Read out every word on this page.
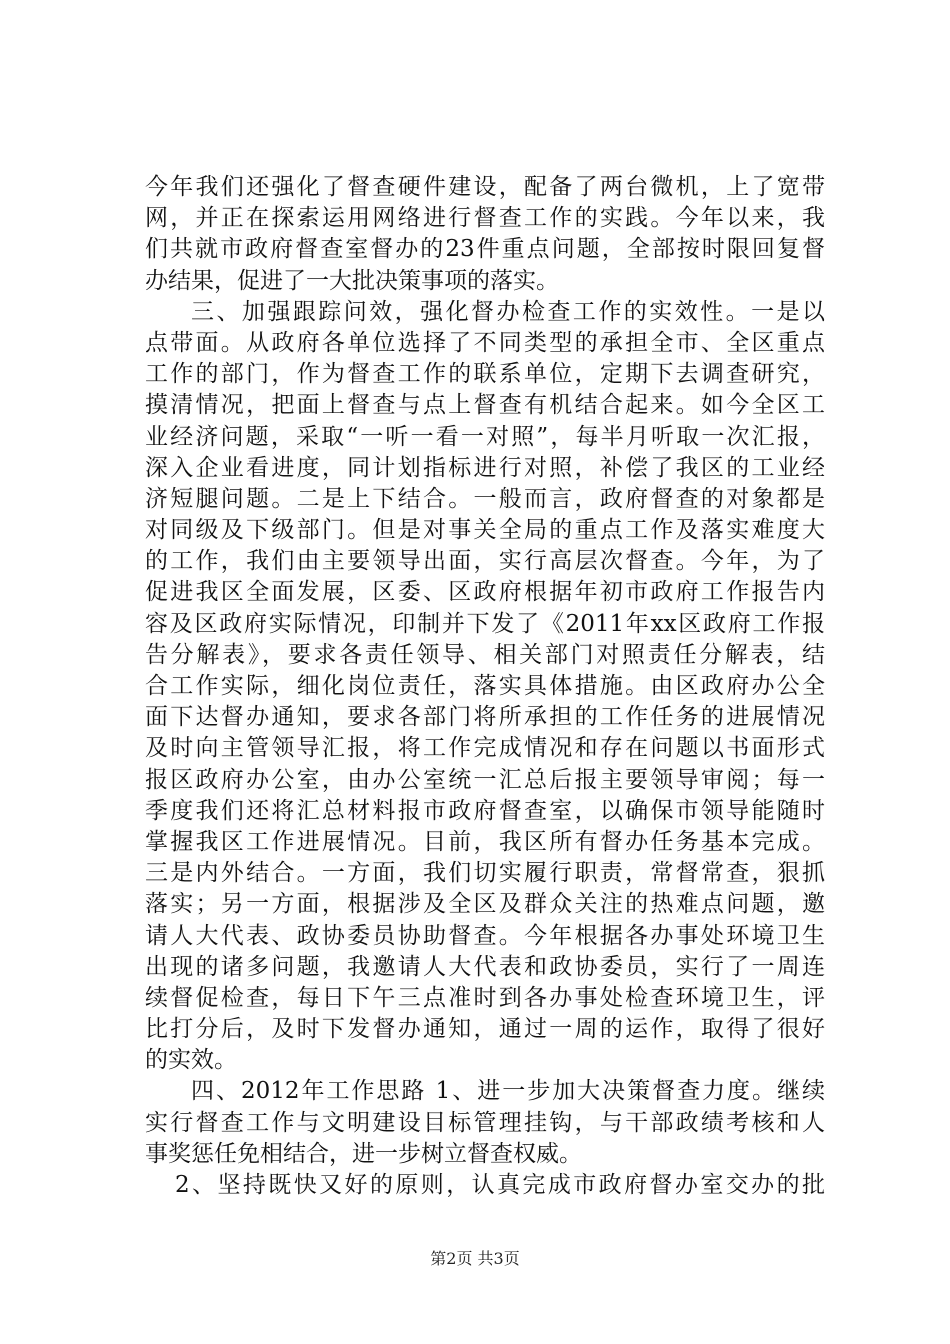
今年我们还强化了督查硬件建设，配备了两台微机，上了宽带
网，并正在探索运用网络进行督查工作的实践。今年以来，我
们共就市政府督查室督办的23件重点问题，全部按时限回复督
办结果，促进了一大批决策事项的落实。
三、加强跟踪问效，强化督办检查工作的实效性。一是以
点带面。从政府各单位选择了不同类型的承担全市、全区重点
工作的部门，作为督查工作的联系单位，定期下去调查研究，
摸清情况，把面上督查与点上督查有机结合起来。如今全区工
业经济问题，采取“一听一看一对照”，每半月听取一次汇报，
深入企业看进度，同计划指标进行对照，补偿了我区的工业经
济短腿问题。二是上下结合。一般而言，政府督查的对象都是
对同级及下级部门。但是对事关全局的重点工作及落实难度大
的工作，我们由主要领导出面，实行高层次督查。今年，为了
促进我区全面发展，区委、区政府根据年初市政府工作报告内
容及区政府实际情况，印制并下发了《2011年xx区政府工作报
告分解表》，要求各责任领导、相关部门对照责任分解表，结
合工作实际，细化岗位责任，落实具体措施。由区政府办公全
面下达督办通知，要求各部门将所承担的工作任务的进展情况
及时向主管领导汇报，将工作完成情况和存在问题以书面形式
报区政府办公室，由办公室统一汇总后报主要领导审阅；每一
季度我们还将汇总材料报市政府督查室，以确保市领导能随时
掌握我区工作进展情况。目前，我区所有督办任务基本完成。
三是内外结合。一方面，我们切实履行职责，常督常查，狠抓
落实；另一方面，根据涉及全区及群众关注的热难点问题，邀
请人大代表、政协委员协助督查。今年根据各办事处环境卫生
出现的诸多问题，我邀请人大代表和政协委员，实行了一周连
续督促检查，每日下午三点准时到各办事处检查环境卫生，评
比打分后，及时下发督办通知，通过一周的运作，取得了很好
的实效。
四、2012年工作思路 1、进一步加大决策督查力度。继续
实行督查工作与文明建设目标管理挂钩，与干部政绩考核和人
事奖惩任免相结合，进一步树立督查权威。
2、坚持既快又好的原则，认真完成市政府督办室交办的批
第2页 共3页
